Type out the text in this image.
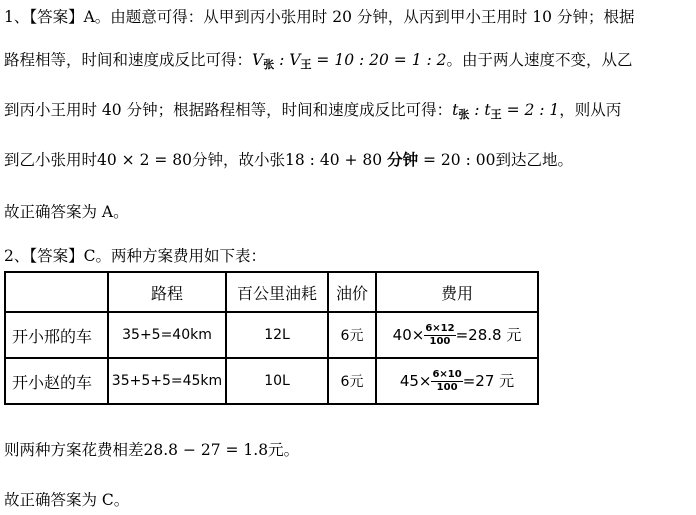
1、【答案】A。由题意可得：从甲到丙小张用时 20 分钟，从丙到甲小王用时 10 分钟；根据
路程相等，时间和速度成反比可得：V张 : V王 = 10 : 20 = 1 : 2。由于两人速度不变，从乙
到丙小王用时 40 分钟；根据路程相等，时间和速度成反比可得：t张 : t王 = 2 : 1，则从丙
到乙小张用时40 × 2 = 80分钟，故小张18 : 40 + 80 分钟 = 20 : 00到达乙地。
故正确答案为 A。
2、【答案】C。两种方案费用如下表：
	路程	百公里油耗	油价	费用
开小邢的车	35+5=40km	12L	6元	$40\times \frac{6\times 12}{100} =28.8$ 元
开小赵的车	35+5+5=45km	10L	6元	$45\times \frac{6\times 10}{100} =27$ 元
则两种方案花费相差28.8 − 27 = 1.8元。
故正确答案为 C。
